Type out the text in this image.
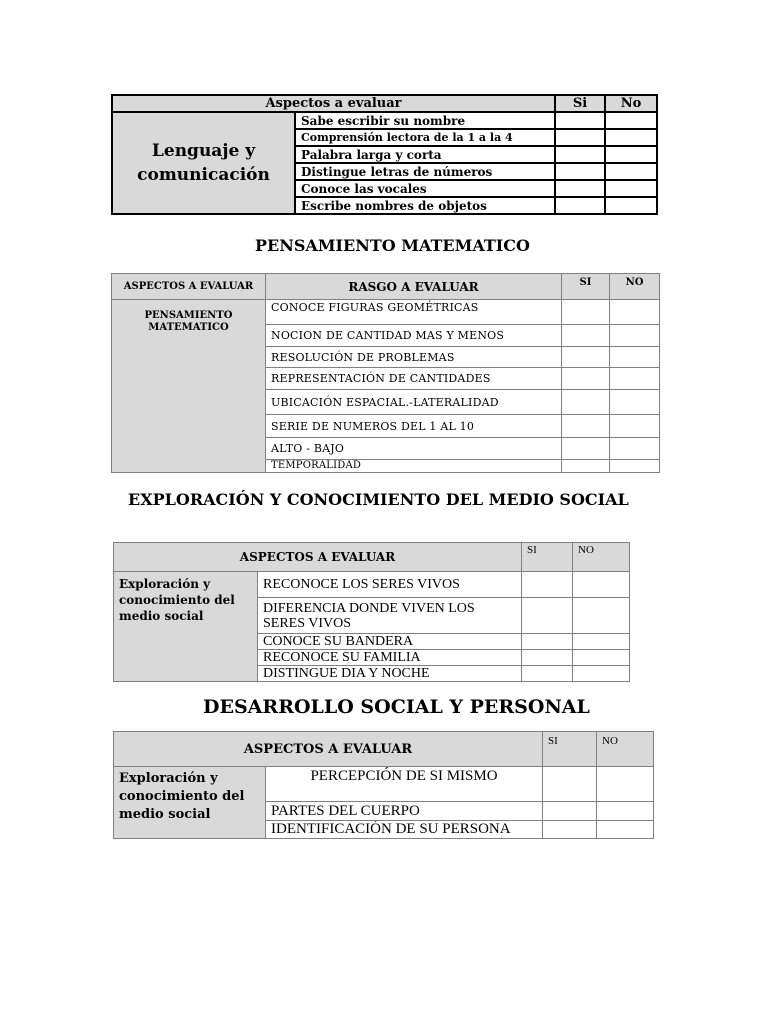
Aspectos a evaluar		Si	No
Lenguaje y comunicación	Sabe escribir su nombre		
	Comprensión lectora de la 1 a la 4		
	Palabra larga y corta		
	Distingue letras de números		
	Conoce las vocales		
	Escribe nombres de objetos		
PENSAMIENTO MATEMATICO
ASPECTOS A EVALUAR	RASGO A EVALUAR	SI	NO
PENSAMIENTO MATEMATICO	CONOCE FIGURAS GEOMÉTRICAS		
	NOCION DE CANTIDAD MAS Y MENOS		
	RESOLUCIÓN DE PROBLEMAS		
	REPRESENTACIÓN DE CANTIDADES		
	UBICACIÓN ESPACIAL.-LATERALIDAD		
	SERIE DE NUMEROS DEL 1 AL 10		
	ALTO - BAJO		
	TEMPORALIDAD		
EXPLORACIÓN Y CONOCIMIENTO DEL MEDIO SOCIAL
ASPECTOS A EVALUAR		SI	NO
Exploración y conocimiento del medio social	RECONOCE LOS SERES VIVOS		
	DIFERENCIA DONDE VIVEN LOS SERES VIVOS		
	CONOCE SU BANDERA		
	RECONOCE SU FAMILIA		
	DISTINGUE DIA Y NOCHE		
DESARROLLO SOCIAL Y PERSONAL
ASPECTOS A EVALUAR		SI	NO
Exploración y conocimiento del medio social	PERCEPCIÓN DE SI MISMO		
	PARTES DEL CUERPO		
	IDENTIFICACIÓN DE SU PERSONA		
